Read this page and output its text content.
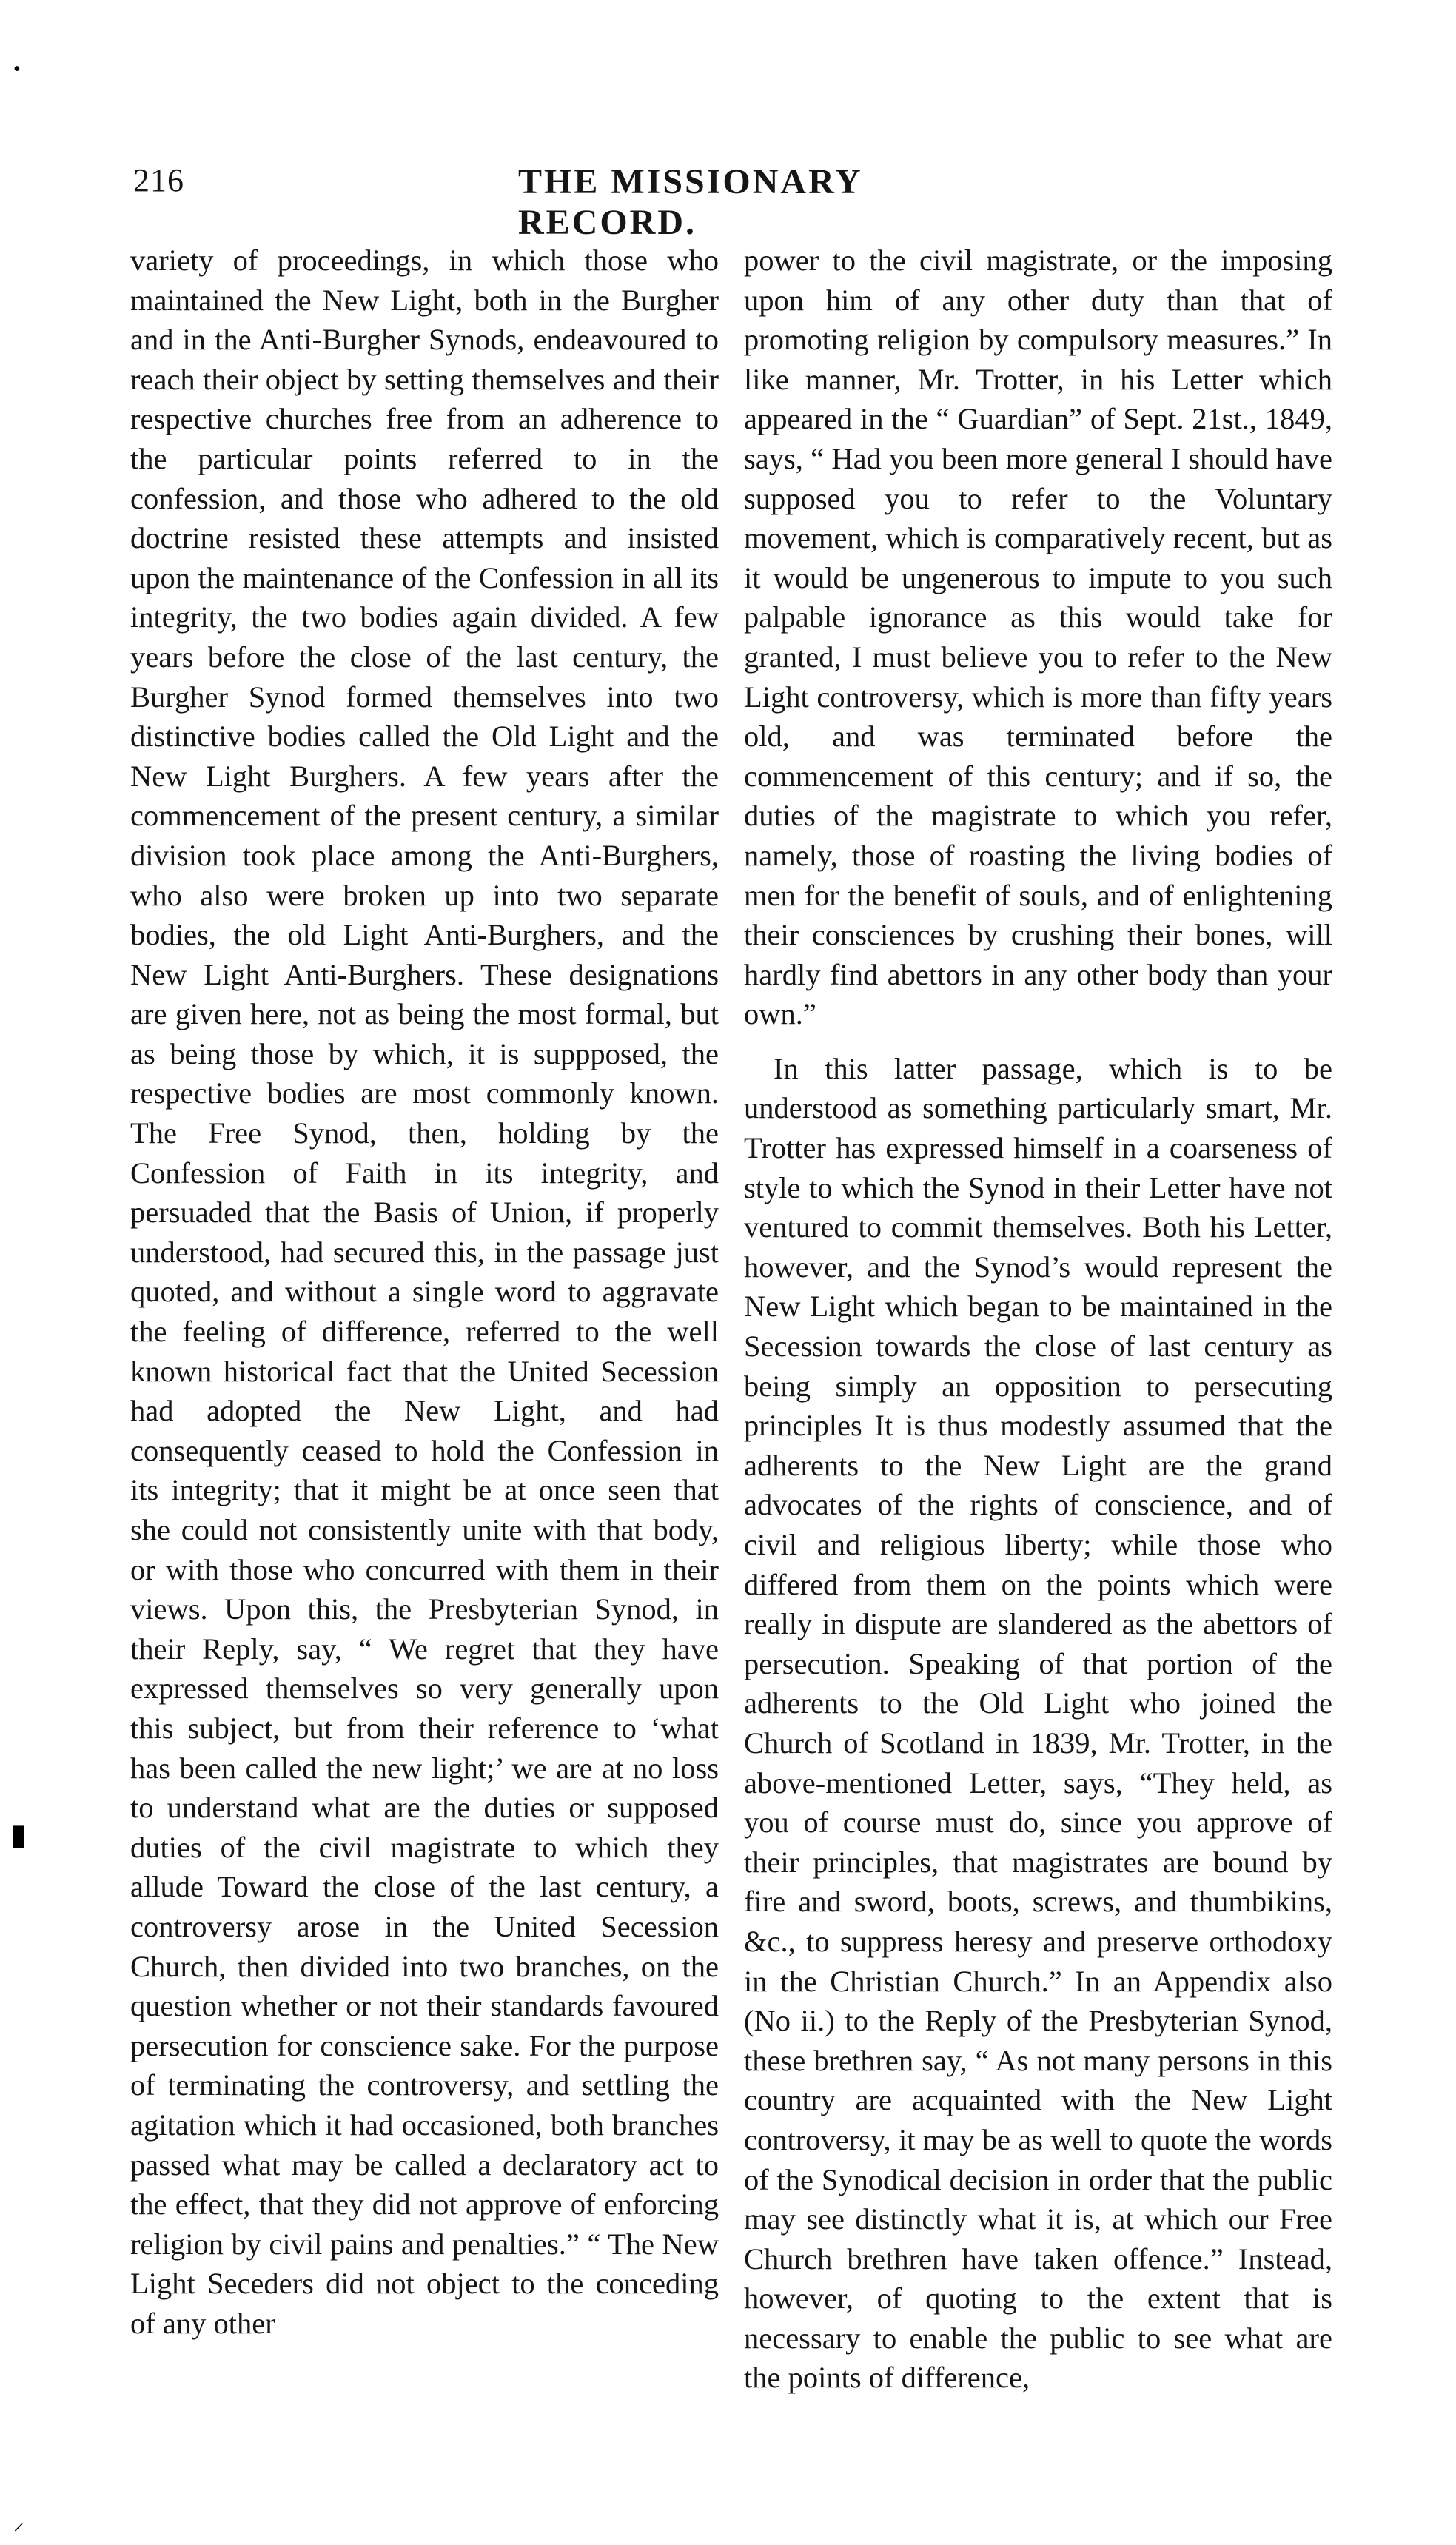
•
▮
⸝
216	THE MISSIONARY RECORD.

variety of proceedings, in which those who maintained the New Light, both in the Burgher and in the Anti-Burgher Synods, endeavoured to reach their object by setting themselves and their respective churches free from an adherence to the particular points referred to in the confession, and those who adhered to the old doctrine resisted these attempts and insisted upon the maintenance of the Confession in all its integrity, the two bodies again divided. A few years before the close of the last century, the Burgher Synod formed themselves into two distinctive bodies called the Old Light and the New Light Burghers. A few years after the commencement of the present century, a similar division took place among the Anti-Burghers, who also were broken up into two separate bodies, the old Light Anti-Burghers, and the New Light Anti-Burghers. These designations are given here, not as being the most formal, but as being those by which, it is suppposed, the respective bodies are most commonly known. The Free Synod, then, holding by the Confession of Faith in its integrity, and persuaded that the Basis of Union, if properly understood, had secured this, in the passage just quoted, and without a single word to aggravate the feeling of difference, referred to the well known historical fact that the United Secession had adopted the New Light, and had consequently ceased to hold the Confession in its integrity; that it might be at once seen that she could not consistently unite with that body, or with those who concurred with them in their views. Upon this, the Presbyterian Synod, in their Reply, say, “ We regret that they have expressed themselves so very generally upon this subject, but from their reference to ‘what has been called the new light;’ we are at no loss to understand what are the duties or supposed duties of the civil magistrate to which they allude Toward the close of the last century, a controversy arose in the United Secession Church, then divided into two branches, on the question whether or not their standards favoured persecution for conscience sake. For the purpose of terminating the controversy, and settling the agitation which it had occasioned, both branches passed what may be called a declaratory act to the effect, that they did not approve of enforcing religion by civil pains and penalties.” “ The New Light Seceders did not object to the conceding of any other

power to the civil magistrate, or the imposing upon him of any other duty than that of promoting religion by compulsory measures.” In like manner, Mr. Trotter, in his Letter which appeared in the “ Guardian” of Sept. 21st., 1849, says, “ Had you been more general I should have supposed you to refer to the Voluntary movement, which is comparatively recent, but as it would be ungenerous to impute to you such palpable ignorance as this would take for granted, I must believe you to refer to the New Light controversy, which is more than fifty years old, and was terminated before the commencement of this century; and if so, the duties of the magistrate to which you refer, namely, those of roasting the living bodies of men for the benefit of souls, and of enlightening their consciences by crushing their bones, will hardly find abettors in any other body than your own.”

In this latter passage, which is to be understood as something particularly smart, Mr. Trotter has expressed himself in a coarseness of style to which the Synod in their Letter have not ventured to commit themselves. Both his Letter, however, and the Synod’s would represent the New Light which began to be maintained in the Secession towards the close of last century as being simply an opposition to persecuting principles It is thus modestly assumed that the adherents to the New Light are the grand advocates of the rights of conscience, and of civil and religious liberty; while those who differed from them on the points which were really in dispute are slandered as the abettors of persecution. Speaking of that portion of the adherents to the Old Light who joined the Church of Scotland in 1839, Mr. Trotter, in the above-mentioned Letter, says, “They held, as you of course must do, since you approve of their principles, that magistrates are bound by fire and sword, boots, screws, and thumbikins, &c., to suppress heresy and preserve orthodoxy in the Christian Church.” In an Appendix also (No ii.) to the Reply of the Presbyterian Synod, these brethren say, “ As not many persons in this country are acquainted with the New Light controversy, it may be as well to quote the words of the Synodical decision in order that the public may see distinctly what it is, at which our Free Church brethren have taken offence.” Instead, however, of quoting to the extent that is necessary to enable the public to see what are the points of difference,
